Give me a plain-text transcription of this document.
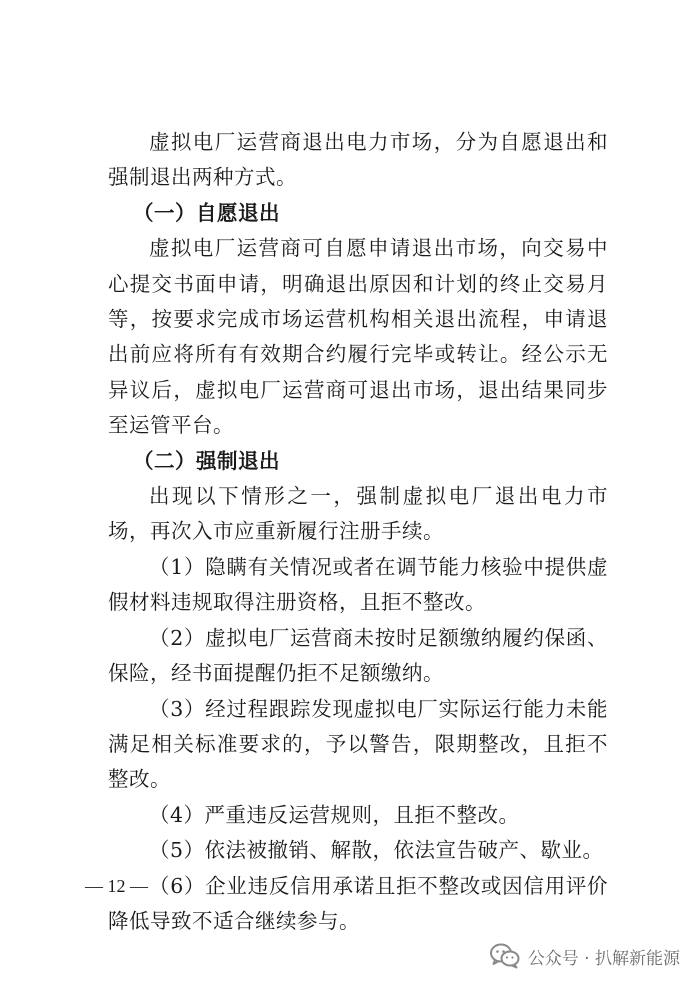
虚拟电厂运营商退出电力市场，分为自愿退出和强制退出两种方式。

（一）自愿退出

虚拟电厂运营商可自愿申请退出市场，向交易中心提交书面申请，明确退出原因和计划的终止交易月等，按要求完成市场运营机构相关退出流程，申请退出前应将所有有效期合约履行完毕或转让。经公示无异议后，虚拟电厂运营商可退出市场，退出结果同步至运管平台。

（二）强制退出

出现以下情形之一，强制虚拟电厂退出电力市场，再次入市应重新履行注册手续。

（1）隐瞒有关情况或者在调节能力核验中提供虚假材料违规取得注册资格，且拒不整改。

（2）虚拟电厂运营商未按时足额缴纳履约保函、保险，经书面提醒仍拒不足额缴纳。

（3）经过程跟踪发现虚拟电厂实际运行能力未能满足相关标准要求的，予以警告，限期整改，且拒不整改。

（4）严重违反运营规则，且拒不整改。

（5）依法被撤销、解散，依法宣告破产、歇业。

（6）企业违反信用承诺且拒不整改或因信用评价降低导致不适合继续参与。

— 12 —
公众号 · 扒解新能源
